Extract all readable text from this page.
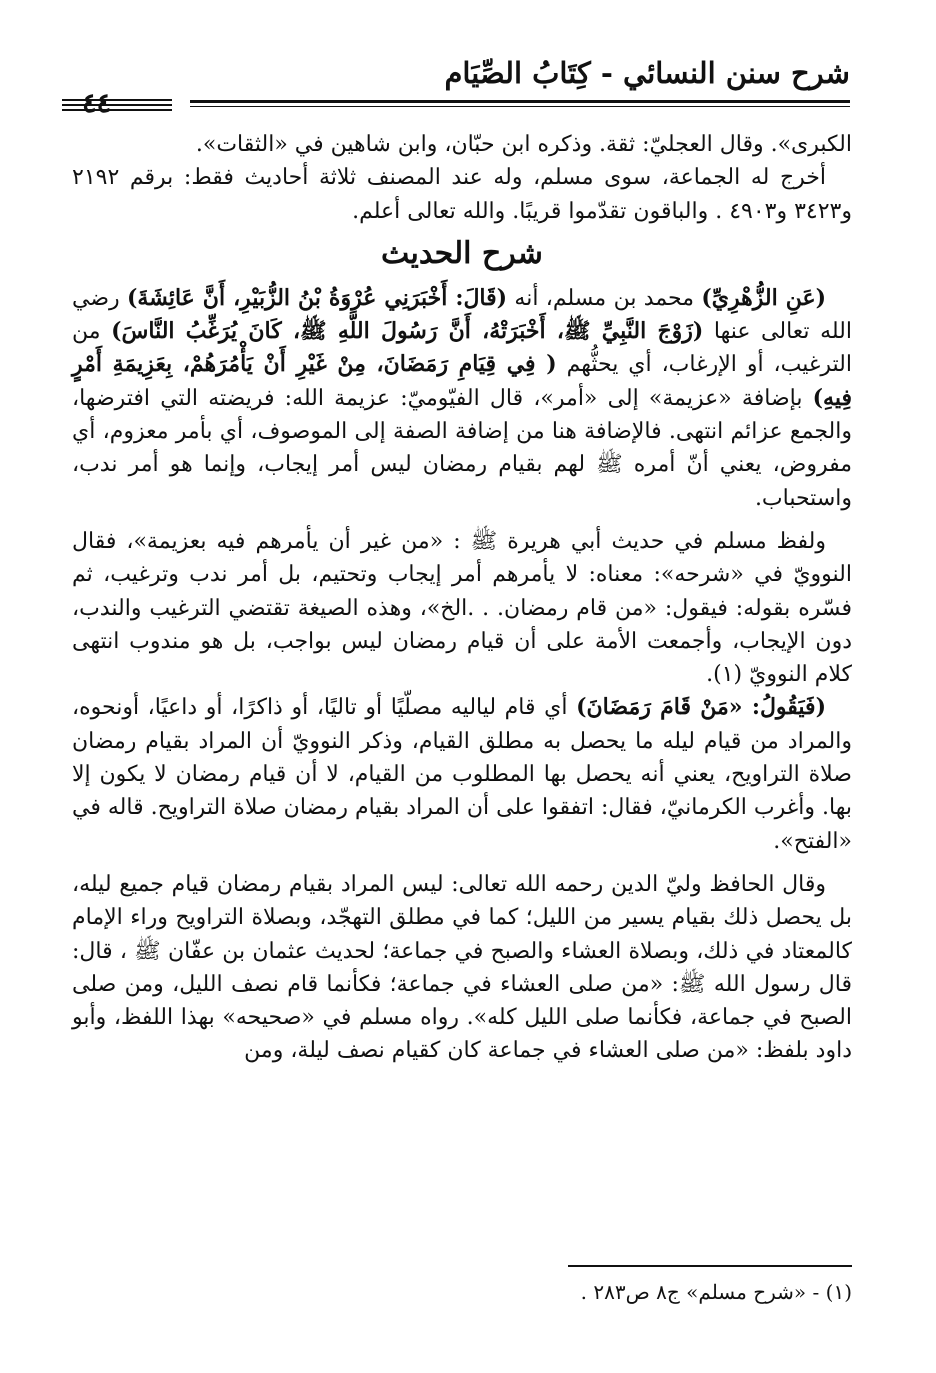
شرح سنن النسائي - كِتَابُ الصِّيَام

الكبرى». وقال العجليّ: ثقة. وذكره ابن حبّان، وابن شاهين في «الثقات».

أخرج له الجماعة، سوى مسلم، وله عند المصنف ثلاثة أحاديث فقط: برقم ٢١٩٢ و٣٤٢٣ و٤٩٠٣ . والباقون تقدّموا قريبًا. والله تعالى أعلم.

شرح الحديث

(عَنِ الزُّهْرِيِّ) محمد بن مسلم، أنه (قَالَ: أَخْبَرَنِي عُرْوَةُ بْنُ الزُّبَيْرِ، أَنَّ عَائِشَةَ) رضي الله تعالى عنها (زَوْجَ النَّبِيِّ ﷺ، أَخْبَرَتْهُ، أَنَّ رَسُولَ اللَّهِ ﷺ، كَانَ يُرَغِّبُ النَّاسَ) من الترغيب، أو الإرغاب، أي يحثُّهم ( فِي قِيَامِ رَمَضَانَ، مِنْ غَيْرِ أَنْ يَأْمُرَهُمْ، بِعَزِيمَةِ أَمْرٍ فِيهِ) بإضافة «عزيمة» إلى «أمر»، قال الفيّوميّ: عزيمة الله: فريضته التي افترضها، والجمع عزائم انتهى. فالإضافة هنا من إضافة الصفة إلى الموصوف، أي بأمر معزوم، أي مفروض، يعني أنّ أمره ﷺ لهم بقيام رمضان ليس أمر إيجاب، وإنما هو أمر ندب، واستحباب.

ولفظ مسلم في حديث أبي هريرة ﷺ : «من غير أن يأمرهم فيه بعزيمة»، فقال النوويّ في «شرحه»: معناه: لا يأمرهم أمر إيجاب وتحتيم، بل أمر ندب وترغيب، ثم فسّره بقوله: فيقول: «من قام رمضان. . .الخ»، وهذه الصيغة تقتضي الترغيب والندب، دون الإيجاب، وأجمعت الأمة على أن قيام رمضان ليس بواجب، بل هو مندوب انتهى كلام النوويّ (١).

(فَيَقُولُ: «مَنْ قَامَ رَمَضَانَ) أي قام لياليه مصلّيًا أو تاليًا، أو ذاكرًا، أو داعيًا، أونحوه، والمراد من قيام ليله ما يحصل به مطلق القيام، وذكر النوويّ أن المراد بقيام رمضان صلاة التراويح، يعني أنه يحصل بها المطلوب من القيام، لا أن قيام رمضان لا يكون إلا بها. وأغرب الكرمانيّ، فقال: اتفقوا على أن المراد بقيام رمضان صلاة التراويح. قاله في «الفتح».

وقال الحافظ وليّ الدين رحمه الله تعالى: ليس المراد بقيام رمضان قيام جميع ليله، بل يحصل ذلك بقيام يسير من الليل؛ كما في مطلق التهجّد، وبصلاة التراويح وراء الإمام كالمعتاد في ذلك، وبصلاة العشاء والصبح في جماعة؛ لحديث عثمان بن عفّان ﷺ ، قال: قال رسول الله ﷺ: «من صلى العشاء في جماعة؛ فكأنما قام نصف الليل، ومن صلى الصبح في جماعة، فكأنما صلى الليل كله». رواه مسلم في «صحيحه» بهذا اللفظ، وأبو داود بلفظ: «من صلى العشاء في جماعة كان كقيام نصف ليلة، ومن

(١) - «شرح مسلم» ج٨ ص٢٨٣ .
